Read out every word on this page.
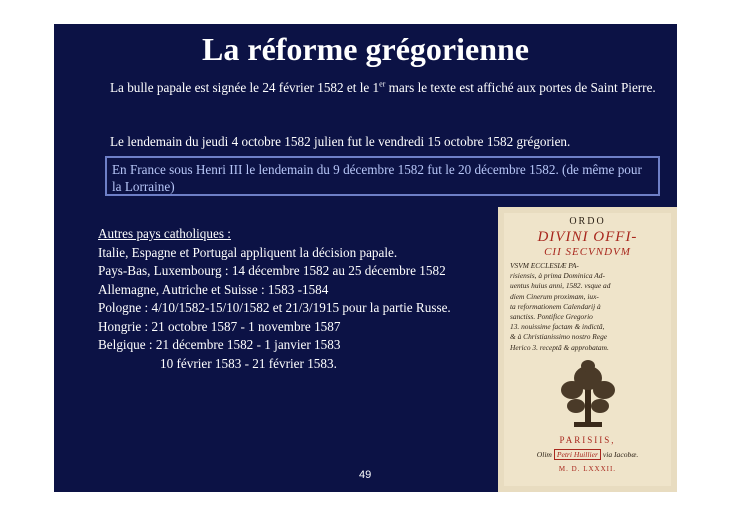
La réforme grégorienne
La bulle papale est signée le 24 février 1582 et le 1er mars le texte est affiché aux portes de Saint Pierre.
Le lendemain du jeudi 4 octobre 1582 julien fut le vendredi 15 octobre 1582 grégorien.
En France sous Henri III le lendemain du 9 décembre 1582 fut le 20 décembre 1582. (de même pour la Lorraine)
Autres pays catholiques :
Italie, Espagne et Portugal appliquent la décision papale.
Pays-Bas, Luxembourg : 14 décembre 1582 au 25 décembre 1582
Allemagne, Autriche et Suisse : 1583 -1584
Pologne : 4/10/1582-15/10/1582 et 21/3/1915 pour la partie Russe.
Hongrie : 21 octobre 1587 - 1 novembre 1587
Belgique : 21 décembre 1582 - 1 janvier 1583
10 février 1583 - 21 février 1583.
49
ORDO
DIVINI OFFI-
CII SECVNDVM
VSVM ECCLESIÆ PA-
risiensis, à prima Dominica Ad-
uentus huius anni, 1582. vsque ad
diem Cinerum proximam, iux-
ta reformationem Calendarij à
sanctiss. Pontifice Gregorio
13. nouissime factam & indictã,
& à Christianissimo nostro Rege
Herico 3. receptã & approbatam.
PARISIIS,
Olim Petri Huillier via Iacobæ.
M. D. LXXXII.
